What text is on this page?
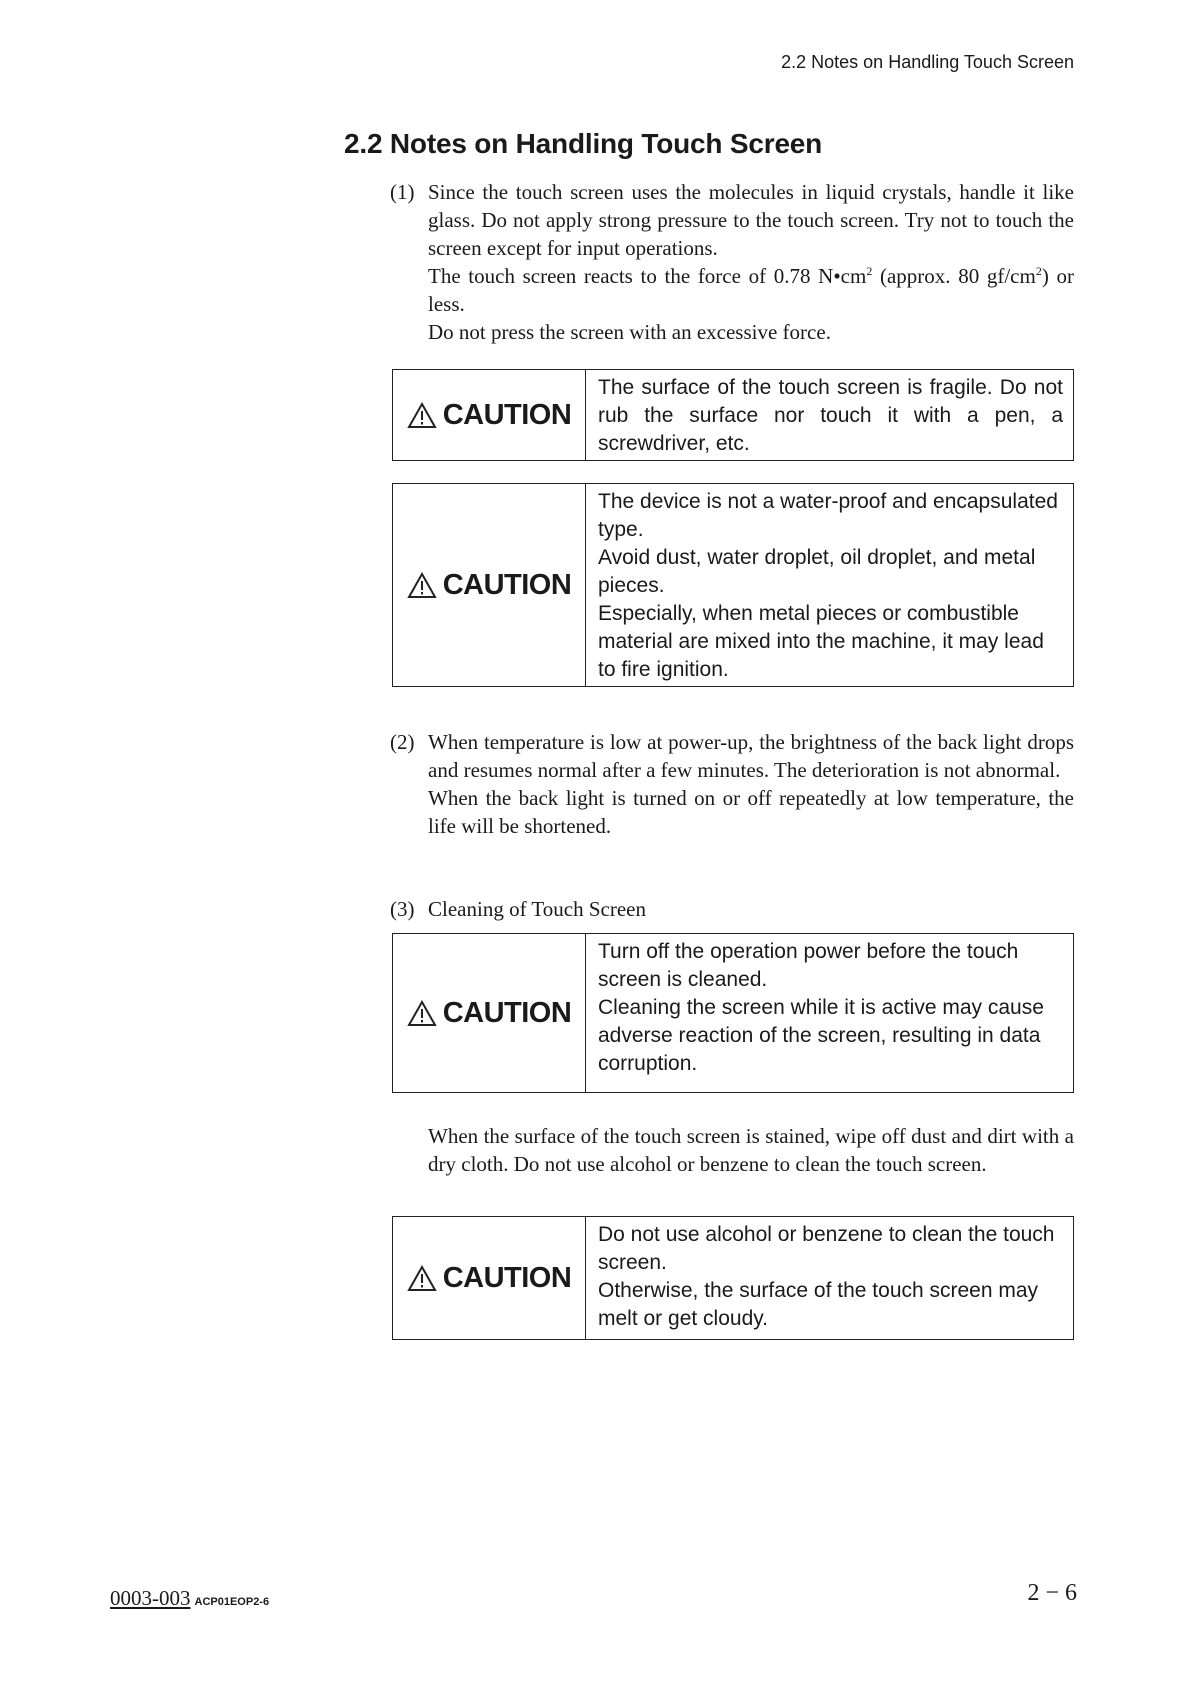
2.2 Notes on Handling Touch Screen
2.2 Notes on Handling Touch Screen
(1) Since the touch screen uses the molecules in liquid crystals, handle it like glass. Do not apply strong pressure to the touch screen. Try not to touch the screen except for input operations.

The touch screen reacts to the force of 0.78 $N•cm^2$ (approx. 80 $gf/cm^2$) or less.

Do not press the screen with an excessive force.

CAUTION

The surface of the touch screen is fragile. Do not rub the surface nor touch it with a pen, a screwdriver, etc.

CAUTION

The device is not a water-proof and encapsulated type.

Avoid dust, water droplet, oil droplet, and metal pieces.

Especially, when metal pieces or combustible material are mixed into the machine, it may lead to fire ignition.

(2) When temperature is low at power-up, the brightness of the back light drops and resumes normal after a few minutes. The deterioration is not abnormal.

When the back light is turned on or off repeatedly at low temperature, the life will be shortened.

(3) Cleaning of Touch Screen

CAUTION

Turn off the operation power before the touch screen is cleaned.

Cleaning the screen while it is active may cause adverse reaction of the screen, resulting in data corruption.

When the surface of the touch screen is stained, wipe off dust and dirt with a dry cloth. Do not use alcohol or benzene to clean the touch screen.

CAUTION

Do not use alcohol or benzene to clean the touch screen.

Otherwise, the surface of the touch screen may melt or get cloudy.

0003-003 ACP01EOP2-6	2 − 6
